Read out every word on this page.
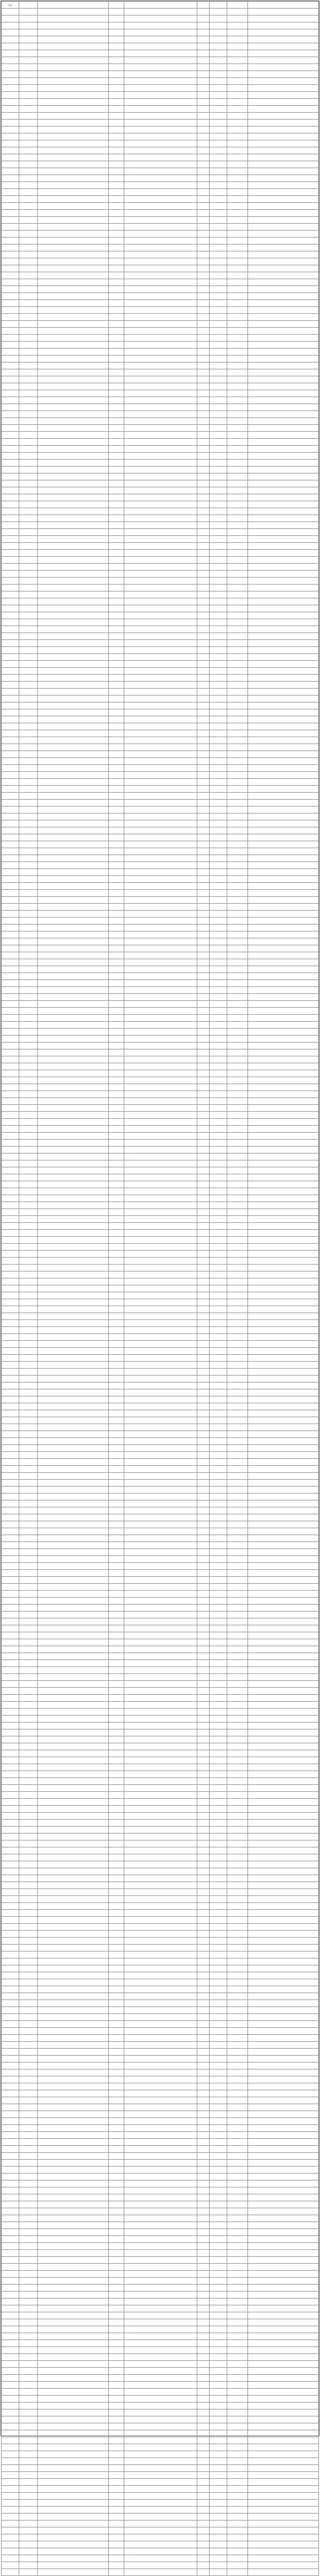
文史								
